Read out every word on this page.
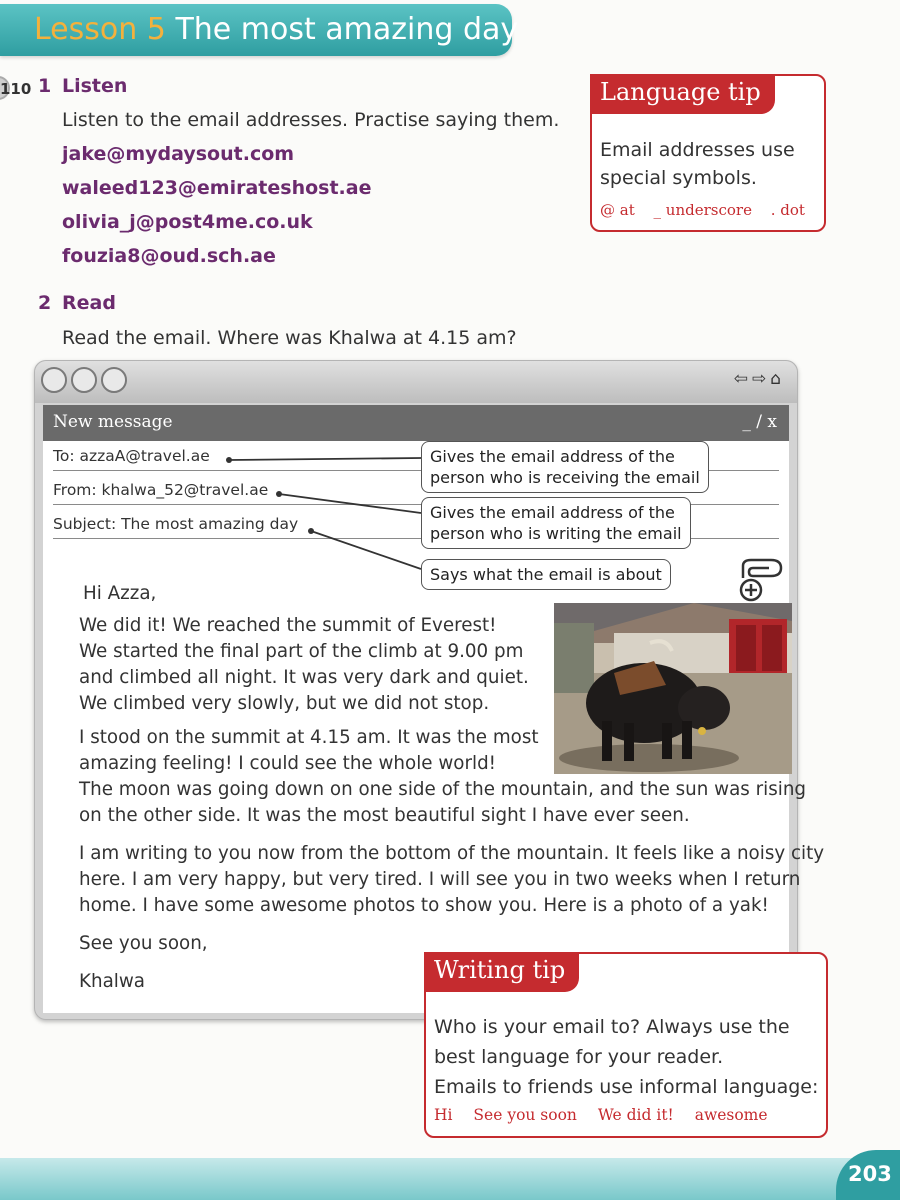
Lesson 5 The most amazing day
110 1 Listen
Listen to the email addresses. Practise saying them.
jake@mydaysout.com
waleed123@emirateshost.ae
olivia_j@post4me.co.uk
fouzia8@oud.sch.ae
Language tip
Email addresses use
special symbols.
@ at _ underscore . dot
2 Read
Read the email. Where was Khalwa at 4.15 am?
⇦⇨⌂
New message	_ / x
To: azzaA@travel.ae
From: khalwa_52@travel.ae
Subject: The most amazing day
Gives the email address of the
person who is receiving the email
Gives the email address of the
person who is writing the email
Says what the email is about
Hi Azza,
We did it! We reached the summit of Everest!
We started the final part of the climb at 9.00 pm
and climbed all night. It was very dark and quiet.
We climbed very slowly, but we did not stop.
I stood on the summit at 4.15 am. It was the most
amazing feeling! I could see the whole world!
The moon was going down on one side of the mountain, and the sun was rising
on the other side. It was the most beautiful sight I have ever seen.
I am writing to you now from the bottom of the mountain. It feels like a noisy city
here. I am very happy, but very tired. I will see you in two weeks when I return
home. I have some awesome photos to show you. Here is a photo of a yak!
See you soon,
Khalwa	Writing tip
Who is your email to? Always use the
best language for your reader.
Emails to friends use informal language:
Hi See you soon We did it! awesome
203
